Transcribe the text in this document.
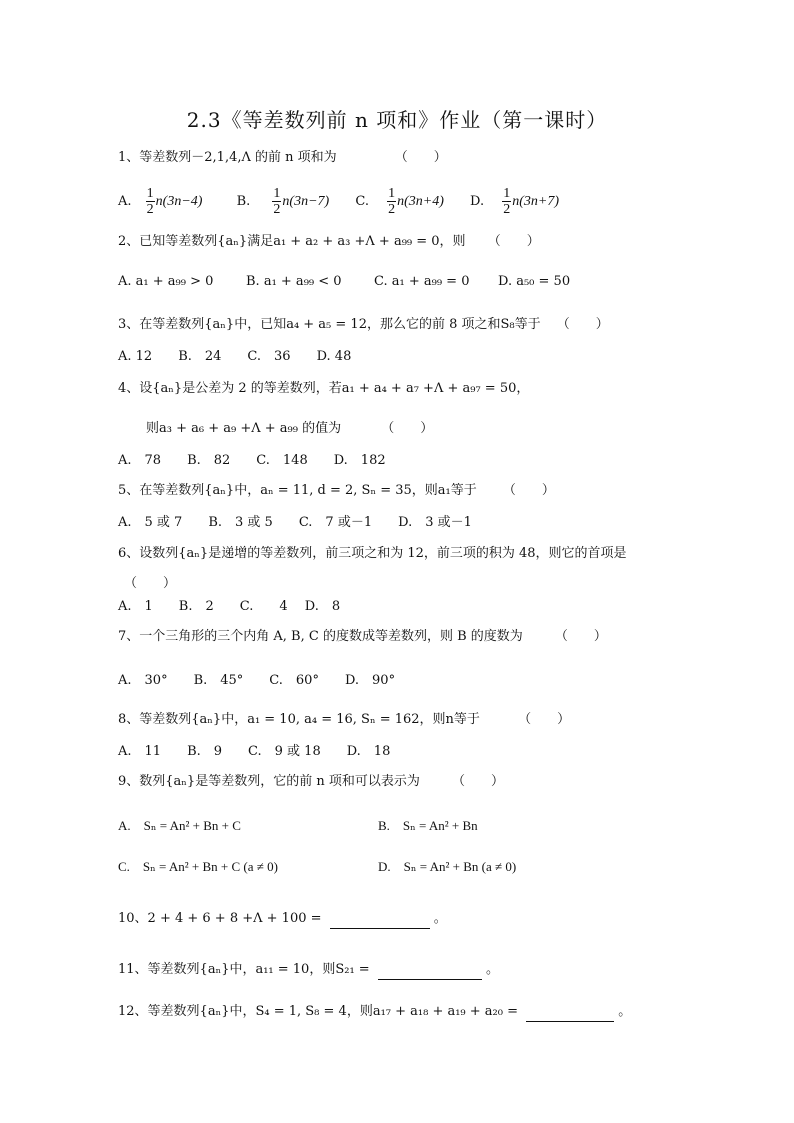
2.3《等差数列前 n 项和》作业（第一课时）
1、等差数列－2,1,4,Λ 的前 n 项和为	（　　）
A. $\frac{1}{2} n(3n-4)$	B. $\frac{1}{2} n(3n-7)$ C. $\frac{1}{2} n(3n+4)$ D. $\frac{1}{2} n(3n+7)$
2、已知等差数列{aₙ}满足a₁ + a₂ + a₃ +Λ + a₉₉ = 0，则 （　　）
A. a₁ + a₉₉ > 0	B. a₁ + a₉₉ < 0 C. a₁ + a₉₉ = 0 D. a₅₀ = 50
3、在等差数列{aₙ}中，已知a₄ + a₅ = 12，那么它的前 8 项之和S₈等于 （　　）
A. 12　　B.　24　　C.　36　　D. 48
4、设{aₙ}是公差为 2 的等差数列，若a₁ + a₄ + a₇ +Λ + a₉₇ = 50，
则a₃ + a₆ + a₉ +Λ + a₉₉ 的值为	（　　）
A.　78　　B.　82　　C.　148　　D.　182
5、在等差数列{aₙ}中，aₙ = 11, d = 2, Sₙ = 35，则a₁等于 （　　）
A.　5 或 7　　B.　3 或 5　　C.　7 或－1　　D.　3 或－1
6、设数列{aₙ}是递增的等差数列，前三项之和为 12，前三项的积为 48，则它的首项是
（　　）
A.　1　　B.　2　　C.　　4　 D.　8
7、一个三角形的三个内角 A, B, C 的度数成等差数列，则 B 的度数为 （　　）
A.　30°　　B.　45°　　C.　60°　　D.　90°
8、等差数列{aₙ}中，a₁ = 10, a₄ = 16, Sₙ = 162，则n等于	（　　）
A.　11　　B.　9　　C.　9 或 18　　D.　18
9、数列{aₙ}是等差数列，它的前 n 项和可以表示为 （　　）
A.　Sₙ = An² + Bn + C	B.　Sₙ = An² + Bn
C.　Sₙ = An² + Bn + C (a ≠ 0)	D.　Sₙ = An² + Bn (a ≠ 0)
10、2 + 4 + 6 + 8 +Λ + 100 =	。
11、等差数列{aₙ}中，a₁₁ = 10，则S₂₁ =	。
12、等差数列{aₙ}中，S₄ = 1, S₈ = 4，则a₁₇ + a₁₈ + a₁₉ + a₂₀ =	。
